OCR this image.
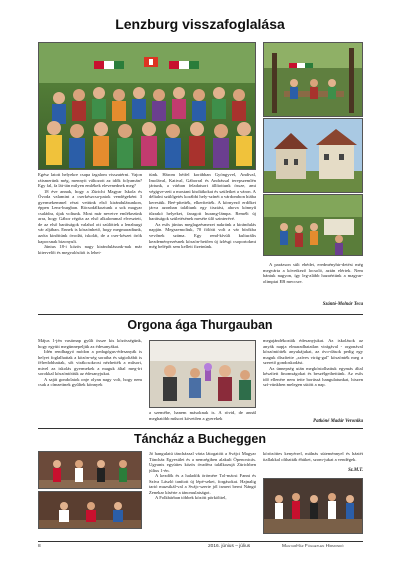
Lenzburg visszafoglalása

Egész latott helyekre csapa ízgalom visszatérni. Vajon ráismerünk még, mennyit változott az idők folyamán? Egy fal, fa lát-tán milyen emlékek elevenednek meg?

18 éve annak, hogy a Zürichi Magyar Iskola és Óvoda valamint a cserkészcsa-patok vendégeként 3 gyermekemmel részt vettünk első kirándulásunkon, éppen Lenz-burgban. Rácsodálkoztunk a sok magyar családra, újak voltunk. Most már nevetve emlékezünk arra, hogy Gábor régóta az első alkalommal elvesztett, de az első barátságok valahol ott szülöttek a lenzburgi vár aljában. Ennek is köszönhető, hogy megmaradtunk, azóta kinőttünk óvodát, iskolát, de a cser-készet örök kapocsnak bizonyult.

Június 18-i közös nagy kirándulásunk-nak már kitervelői és megvalósítói is lehet-

tünk. Három hétfel korábban Gyöngyvel, Andival, Imolával, Katival, Gáborral és Andrással terepszemlén jártunk, a várban feladatsort állítottunk össze, ami végigve-zeti a mostani kisdiákokat és szüleiket a váron. A déltalni szülőgetés korábbi hely-színét a várdombon hiába kerestük. Beé-pítették, elkerítették. A környező erdőket járva azonban találtunk egy tisztást, ahova könnyű tűzrakó helyeket, faragott hurang-lámpa. Remélt új barátságok születésének meséte ülő szinterévé.

Az esős június meglagzésmezet nakránk a kirándulás napján. Megszemoltuk, 70 fölötti volt a vár bírókba vevőnek száma. Egy rend-kívüli kulturális kezdeményezésnek köszön-hetően új ízlésgi csoportokmt még belépőt sem kellett fizetnünk.

A parázson sült ebédet, eredményhir-detést még megvárta a következő locsoló, aztán elértek. Nem bántuk nagyon, így leg-alább hazaértünk a magyar-olimpiai EB meccsre.

Szántó-Molnár Teca
Orgona ága Thurgauban

Május 1-jén vasárnap gyűlt össze kis közösségünk, hogy együtt megünnepeljük az édesanyákat.

Idén rendhagyó módon a pedagógus-édesanyák is helyet foglalhattak a közön-ség soraiba és ságtoltábít is félredobhattak, sőt virákcsokrost nézhették a műsort, mivel az iskolás gyermekek a maguk által meg-írt sorokkal köszöntöttük az édesanyjukat.

A saját gondolatok onje olyan nagy volt, hogy nem csak a címzettnek gyűltek könnyek

a szemébe, hanem másoknak is. A rövid, de annál meghatóbb műsort követően a gyerekek

megajándékozták édesanyjukat. Az iskolások az anyák napja elmaradhatatlan virágával - orgonával köszöntötték anyukájukat, az óvo-dások pedig egy maguk díszítette „szíves virág-gal" köszönték meg a szerető gondoskodást.

Az ünnepség után megkóstolhattuk egymás által készített finomságokat és beszélgethettünk. Az esős idő ellenére nem tette borússá hangulatunkat, hiszen szí-vünkben melegen sütött a nap.

Patkóné Madár Veronika
Táncház a Bucheggen

Jó hangulatú táncházzal várta látogatóit a Svájci Magyar Táncház Egyesület és a nemrégiben alakult Öpencnicás. Ugyanis együttes közös óvadéra találkozujá Zürichben július 1-én.

A kezdők és a haladók örömére Tol-mácsi Fanni és Szíva László tanított új lépé-seket, forgásokat. Hajnalig tartó muzsikál-val a Svájc-szerte jól ismert berni Nángó Zenekar kísérte a táncmulatságot.

A Folkbárban többek között pörkölttel,

körözöttes kenyérrel, málnás süteménnyel és háztét itallakkal olthatták éhüket, szom-jukat a vendégek.

Sz.M.T.
8	2016. június – július	MagyarHáz Független Hírmondó
